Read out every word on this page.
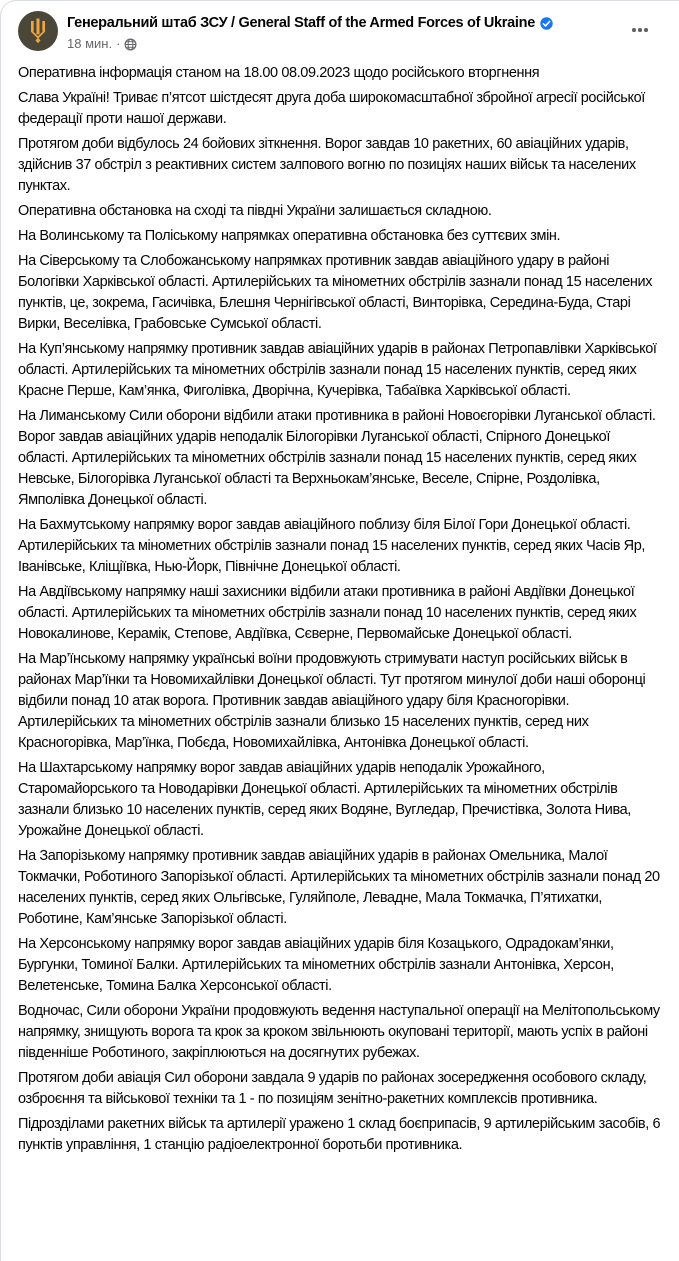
Генеральний штаб ЗСУ / General Staff of the Armed Forces of Ukraine
18 мин. ·

Оперативна інформація станом на 18.00 08.09.2023 щодо російського вторгнення

Слава Україні! Триває п’ятсот шістдесят друга доба широкомасштабної збройної агресії російської федерації проти нашої держави.

Протягом доби відбулось 24 бойових зіткнення. Ворог завдав 10 ракетних, 60 авіаційних ударів, здійснив 37 обстріл з реактивних систем залпового вогню по позиціях наших військ та населених пунктах.

Оперативна обстановка на сході та півдні України залишається складною.

На Волинському та Поліському напрямках оперативна обстановка без суттєвих змін.

На Сіверському та Слобожанському напрямках противник завдав авіаційного удару в районі Бологівки Харківської області. Артилерійських та мінометних обстрілів зазнали понад 15 населених пунктів, це, зокрема, Гасичівка, Блешня Чернігівської області, Винторівка, Середина-Буда, Старі Вирки, Веселівка, Грабовське Сумської області.

На Куп’янському напрямку противник завдав авіаційних ударів в районах Петропавлівки Харківської області. Артилерійських та мінометних обстрілів зазнали понад 15 населених пунктів, серед яких Красне Перше, Кам’янка, Фиголівка, Дворічна, Кучерівка, Табаївка Харківської області.

На Лиманському Сили оборони відбили атаки противника в районі Новоєгорівки Луганської області. Ворог завдав авіаційних ударів неподалік Білогорівки Луганської області, Спірного Донецької області. Артилерійських та мінометних обстрілів зазнали понад 15 населених пунктів, серед яких Невське, Білогорівка Луганської області та Верхньокам’янське, Веселе, Спірне, Роздолівка, Ямполівка Донецької області.

На Бахмутському напрямку ворог завдав авіаційного поблизу біля Білої Гори Донецької області. Артилерійських та мінометних обстрілів зазнали понад 15 населених пунктів, серед яких Часів Яр, Іванівське, Кліщіївка, Нью-Йорк, Північне Донецької області.

На Авдіївському напрямку наші захисники відбили атаки противника в районі Авдіївки Донецької області. Артилерійських та мінометних обстрілів зазнали понад 10 населених пунктів, серед яких Новокалинове, Керамік, Степове, Авдіївка, Сєверне, Первомайське Донецької області.

На Мар’їнському напрямку українські воїни продовжують стримувати наступ російських військ в районах Мар’їнки та Новомихайлівки Донецької області. Тут протягом минулої доби наші оборонці відбили понад 10 атак ворога. Противник завдав авіаційного удару біля Красногорівки. Артилерійських та мінометних обстрілів зазнали близько 15 населених пунктів, серед них Красногорівка, Мар’їнка, Побєда, Новомихайлівка, Антонівка Донецької області.

На Шахтарському напрямку ворог завдав авіаційних ударів неподалік Урожайного, Старомайорського та Новодарівки Донецької області. Артилерійських та мінометних обстрілів зазнали близько 10 населених пунктів, серед яких Водяне, Вугледар, Пречистівка, Золота Нива, Урожайне Донецької області.

На Запорізькому напрямку противник завдав авіаційних ударів в районах Омельника, Малої Токмачки, Роботиного Запорізької області. Артилерійських та мінометних обстрілів зазнали понад 20 населених пунктів, серед яких Ольгівське, Гуляйполе, Левадне, Мала Токмачка, П’ятихатки, Роботине, Кам’янське Запорізької області.

На Херсонському напрямку ворог завдав авіаційних ударів біля Козацького, Одрадокам’янки, Бургунки, Томиної Балки. Артилерійських та мінометних обстрілів зазнали Антонівка, Херсон, Велетенське, Томина Балка Херсонської області.

Водночас, Сили оборони України продовжують ведення наступальної операції на Мелітопольському напрямку, знищують ворога та крок за кроком звільнюють окуповані території, мають успіх в районі південніше Роботиного, закріплюються на досягнутих рубежах.

Протягом доби авіація Сил оборони завдала 9 ударів по районах зосередження особового складу, озброєння та військової техніки та 1 - по позиціям зенітно-ракетних комплексів противника.

Підрозділами ракетних військ та артилерії уражено 1 склад боєприпасів, 9 артилерійським засобів, 6 пунктів управління, 1 станцію радіоелектронної боротьби противника.
